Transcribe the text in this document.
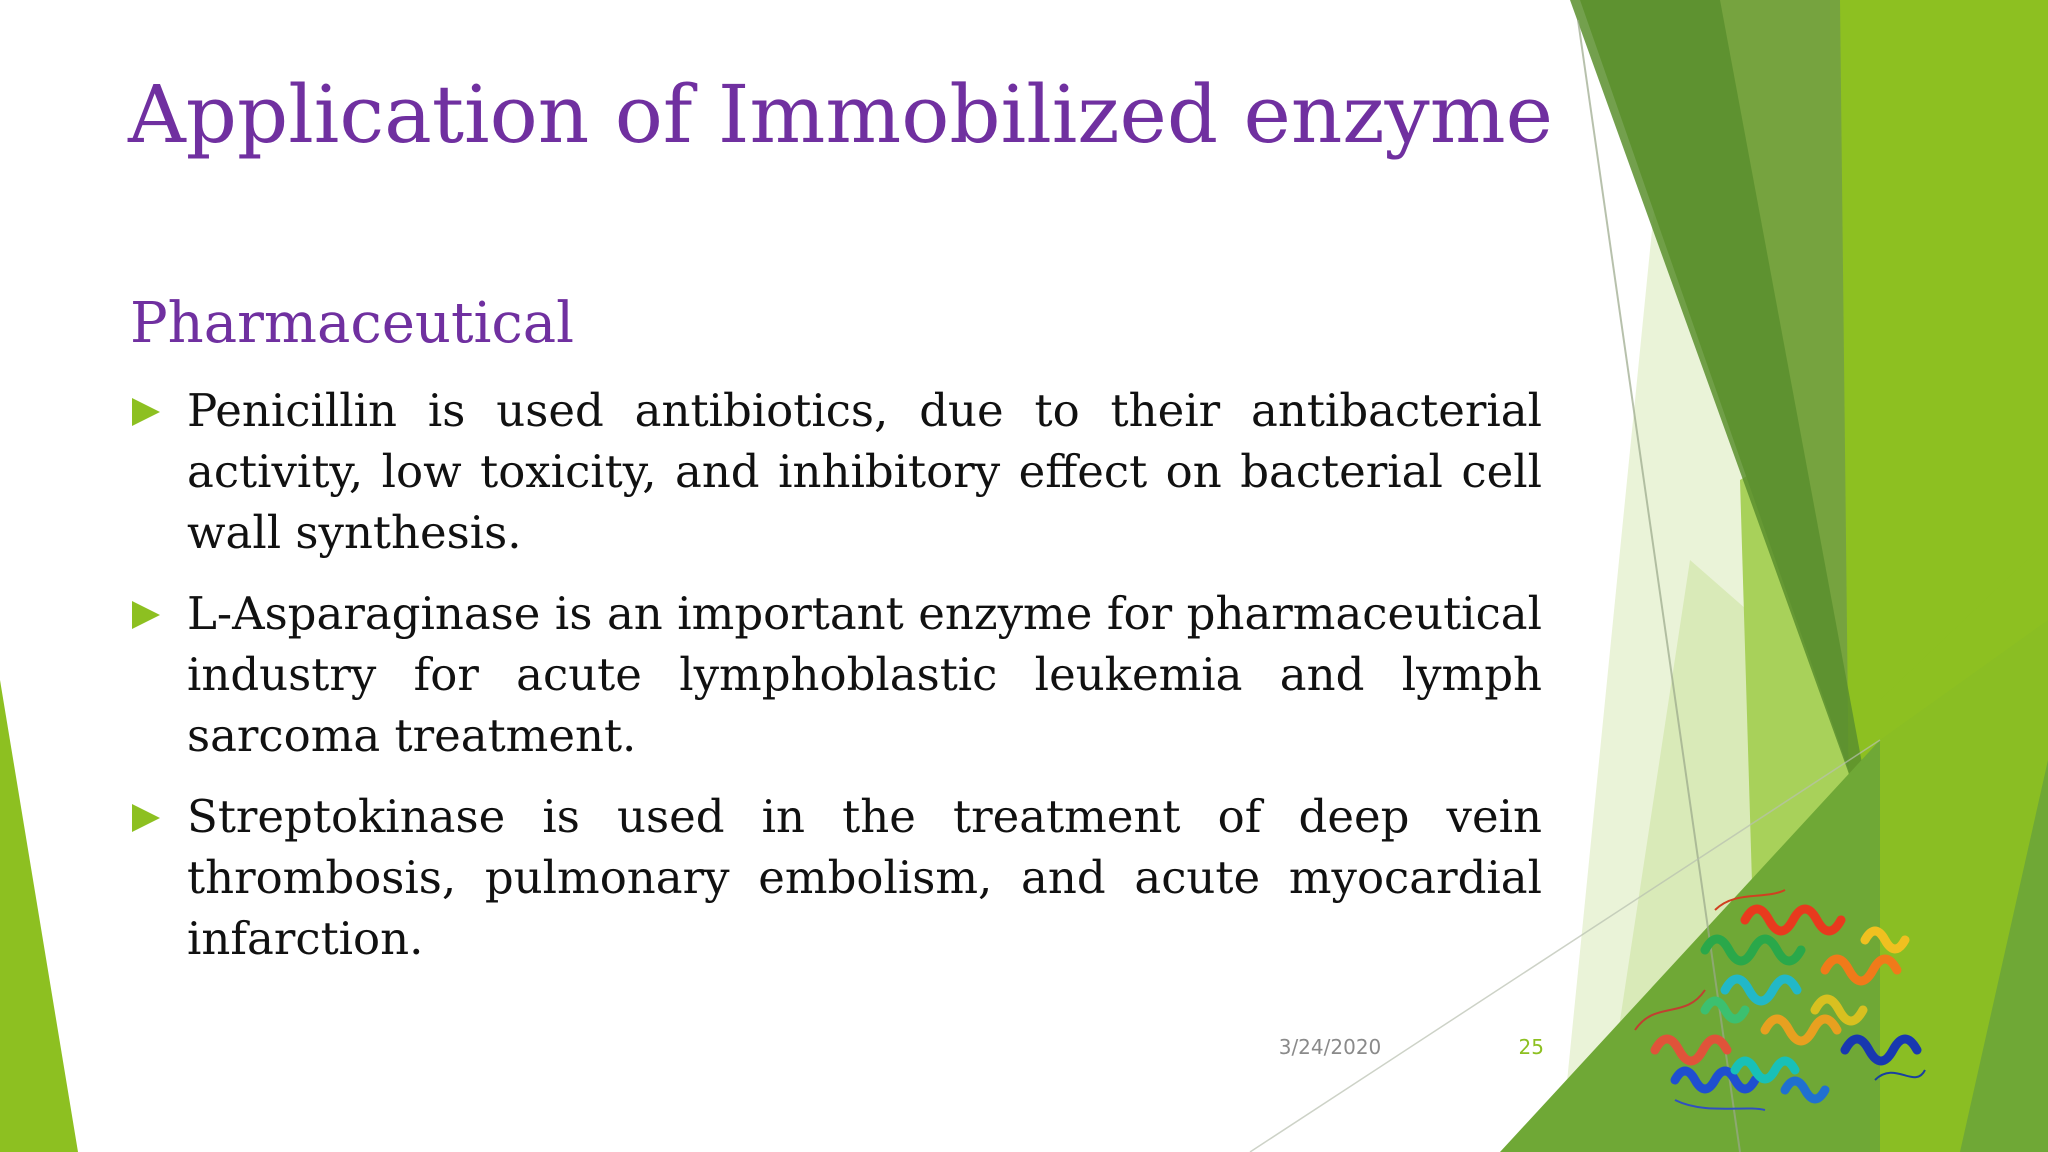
Application of Immobilized enzyme
Pharmaceutical
Penicillin is used antibiotics, due to their antibacterial activity, low toxicity, and inhibitory effect on bacterial cell wall synthesis.
L-Asparaginase is an important enzyme for pharmaceutical industry for acute lymphoblastic leukemia and lymph sarcoma treatment.
Streptokinase is used in the treatment of deep vein thrombosis, pulmonary embolism, and acute myocardial infarction.
3/24/2020	25
